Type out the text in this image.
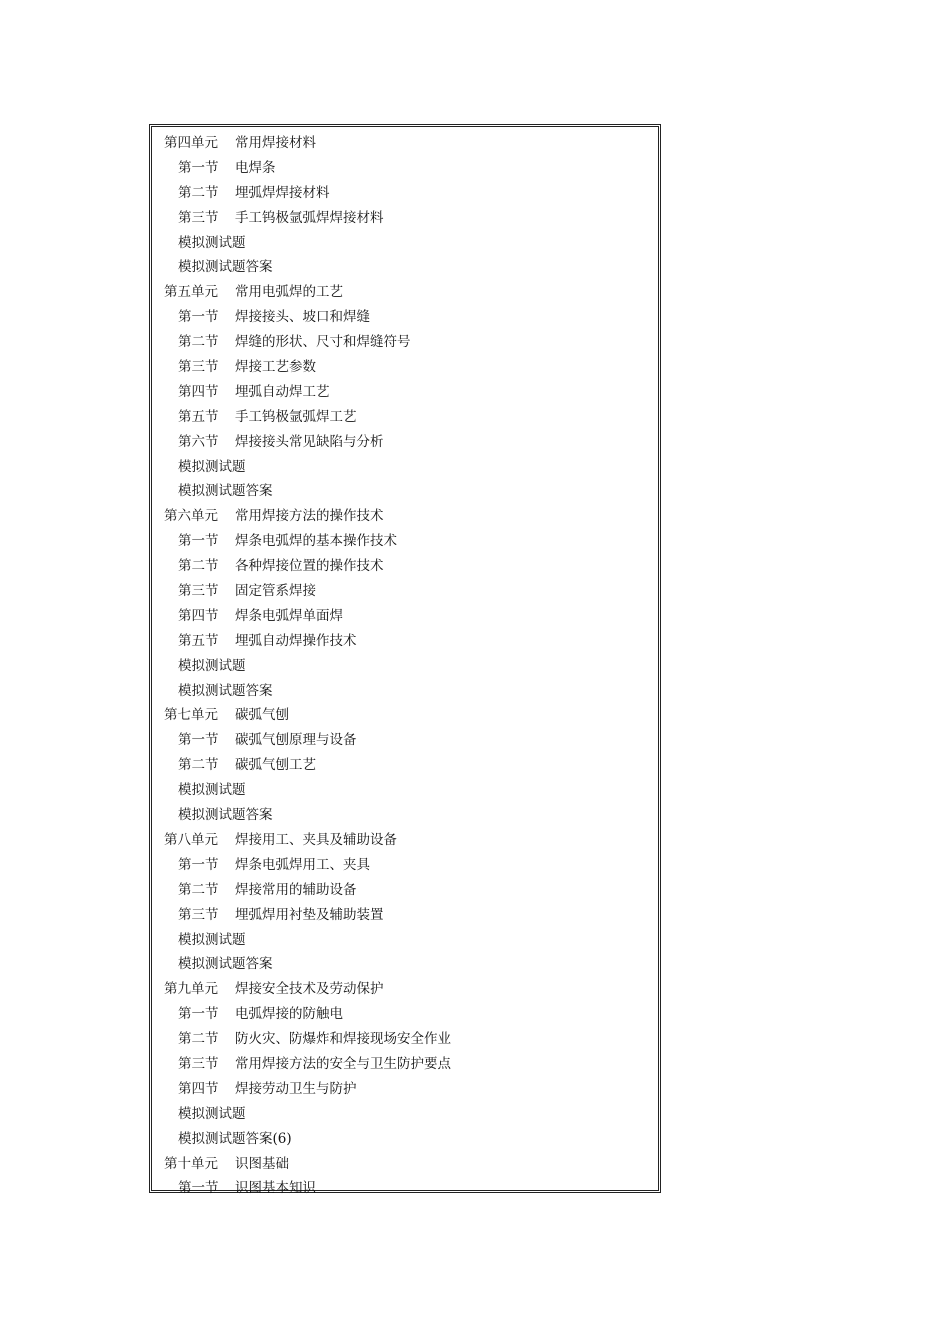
第四单元 常用焊接材料
第一节 电焊条
第二节 埋弧焊焊接材料
第三节 手工钨极氩弧焊焊接材料
模拟测试题
模拟测试题答案
第五单元 常用电弧焊的工艺
第一节 焊接接头、坡口和焊缝
第二节 焊缝的形状、尺寸和焊缝符号
第三节 焊接工艺参数
第四节 埋弧自动焊工艺
第五节 手工钨极氩弧焊工艺
第六节 焊接接头常见缺陷与分析
模拟测试题
模拟测试题答案
第六单元 常用焊接方法的操作技术
第一节 焊条电弧焊的基本操作技术
第二节 各种焊接位置的操作技术
第三节 固定管系焊接
第四节 焊条电弧焊单面焊
第五节 埋弧自动焊操作技术
模拟测试题
模拟测试题答案
第七单元 碳弧气刨
第一节 碳弧气刨原理与设备
第二节 碳弧气刨工艺
模拟测试题
模拟测试题答案
第八单元 焊接用工、夹具及辅助设备
第一节 焊条电弧焊用工、夹具
第二节 焊接常用的辅助设备
第三节 埋弧焊用衬垫及辅助装置
模拟测试题
模拟测试题答案
第九单元 焊接安全技术及劳动保护
第一节 电弧焊接的防触电
第二节 防火灾、防爆炸和焊接现场安全作业
第三节 常用焊接方法的安全与卫生防护要点
第四节 焊接劳动卫生与防护
模拟测试题
模拟测试题答案(6)
第十单元 识图基础
第一节 识图基本知识
